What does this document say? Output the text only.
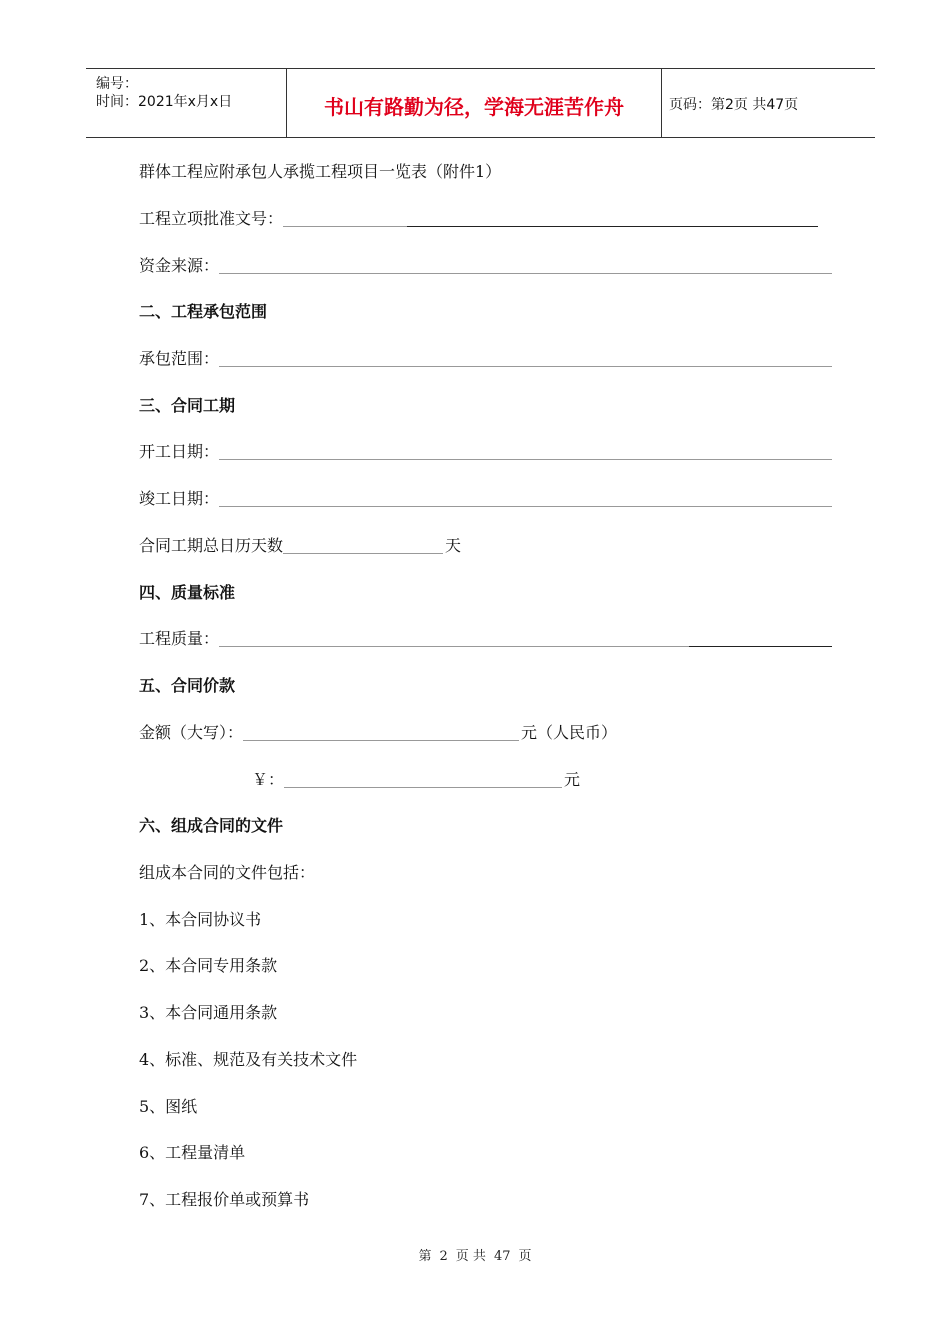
编号：
时间：2021年x月x日	书山有路勤为径，学海无涯苦作舟	页码：第2页 共47页
群体工程应附承包人承揽工程项目一览表（附件1）
工程立项批准文号：
资金来源：
二、工程承包范围
承包范围：
三、合同工期
开工日期：
竣工日期：
合同工期总日历天数	天
四、质量标准
工程质量：
五、合同价款
金额（大写）：	元（人民币）
￥：	元
六、组成合同的文件
组成本合同的文件包括：
1、本合同协议书
2、本合同专用条款
3、本合同通用条款
4、标准、规范及有关技术文件
5、图纸
6、工程量清单
7、工程报价单或预算书
第 2 页 共 47 页
